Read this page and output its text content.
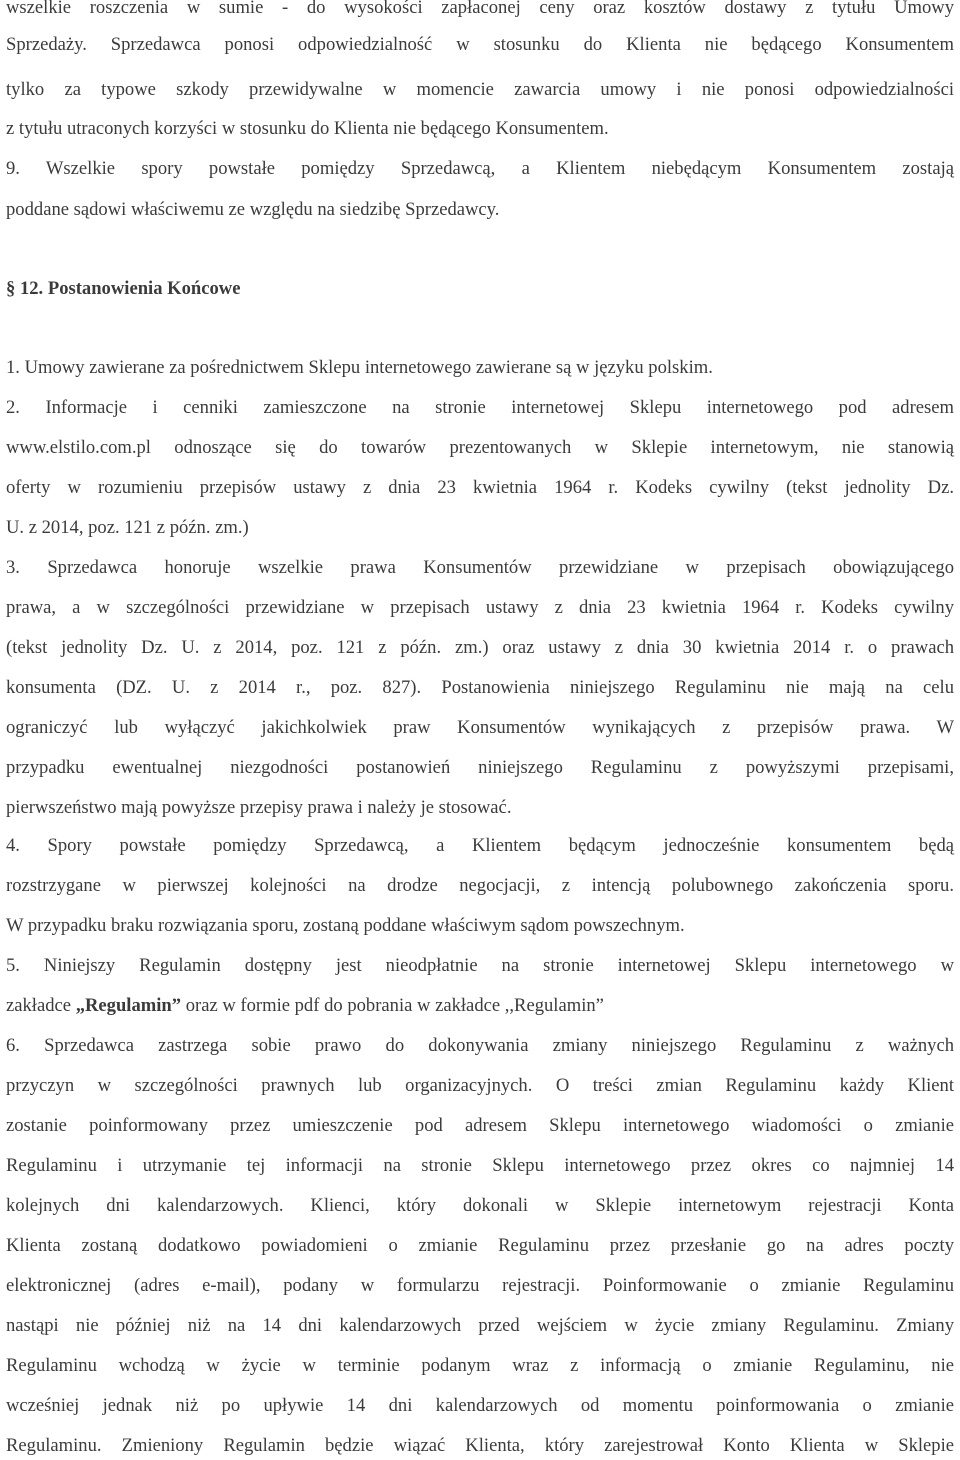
wszelkie roszczenia w sumie - do wysokości zapłaconej ceny oraz kosztów dostawy z tytułu Umowy
Sprzedaży. Sprzedawca ponosi odpowiedzialność w stosunku do Klienta nie będącego Konsumentem
tylko za typowe szkody przewidywalne w momencie zawarcia umowy i nie ponosi odpowiedzialności
z tytułu utraconych korzyści w stosunku do Klienta nie będącego Konsumentem.
9. Wszelkie spory powstałe pomiędzy Sprzedawcą, a Klientem niebędącym Konsumentem zostają
poddane sądowi właściwemu ze względu na siedzibę Sprzedawcy.
§ 12. Postanowienia Końcowe
1. Umowy zawierane za pośrednictwem Sklepu internetowego zawierane są w języku polskim.
2. Informacje i cenniki zamieszczone na stronie internetowej Sklepu internetowego pod adresem
www.elstilo.com.pl odnoszące się do towarów prezentowanych w Sklepie internetowym, nie stanowią
oferty w rozumieniu przepisów ustawy z dnia 23 kwietnia 1964 r. Kodeks cywilny (tekst jednolity Dz.
U. z 2014, poz. 121 z późn. zm.)
3. Sprzedawca honoruje wszelkie prawa Konsumentów przewidziane w przepisach obowiązującego
prawa, a w szczególności przewidziane w przepisach ustawy z dnia 23 kwietnia 1964 r. Kodeks cywilny
(tekst jednolity Dz. U. z 2014, poz. 121 z późn. zm.) oraz ustawy z dnia 30 kwietnia 2014 r. o prawach
konsumenta (DZ. U. z 2014 r., poz. 827). Postanowienia niniejszego Regulaminu nie mają na celu
ograniczyć lub wyłączyć jakichkolwiek praw Konsumentów wynikających z przepisów prawa. W
przypadku ewentualnej niezgodności postanowień niniejszego Regulaminu z powyższymi przepisami,
pierwszeństwo mają powyższe przepisy prawa i należy je stosować.
4. Spory powstałe pomiędzy Sprzedawcą, a Klientem będącym jednocześnie konsumentem będą
rozstrzygane w pierwszej kolejności na drodze negocjacji, z intencją polubownego zakończenia sporu.
W przypadku braku rozwiązania sporu, zostaną poddane właściwym sądom powszechnym.
5. Niniejszy Regulamin dostępny jest nieodpłatnie na stronie internetowej Sklepu internetowego w
zakładce „Regulamin” oraz w formie pdf do pobrania w zakładce ,,Regulamin”
6. Sprzedawca zastrzega sobie prawo do dokonywania zmiany niniejszego Regulaminu z ważnych
przyczyn w szczególności prawnych lub organizacyjnych. O treści zmian Regulaminu każdy Klient
zostanie poinformowany przez umieszczenie pod adresem Sklepu internetowego wiadomości o zmianie
Regulaminu i utrzymanie tej informacji na stronie Sklepu internetowego przez okres co najmniej 14
kolejnych dni kalendarzowych. Klienci, który dokonali w Sklepie internetowym rejestracji Konta
Klienta zostaną dodatkowo powiadomieni o zmianie Regulaminu przez przesłanie go na adres poczty
elektronicznej (adres e-mail), podany w formularzu rejestracji. Poinformowanie o zmianie Regulaminu
nastąpi nie później niż na 14 dni kalendarzowych przed wejściem w życie zmiany Regulaminu. Zmiany
Regulaminu wchodzą w życie w terminie podanym wraz z informacją o zmianie Regulaminu, nie
wcześniej jednak niż po upływie 14 dni kalendarzowych od momentu poinformowania o zmianie
Regulaminu. Zmieniony Regulamin będzie wiązać Klienta, który zarejestrował Konto Klienta w Sklepie
